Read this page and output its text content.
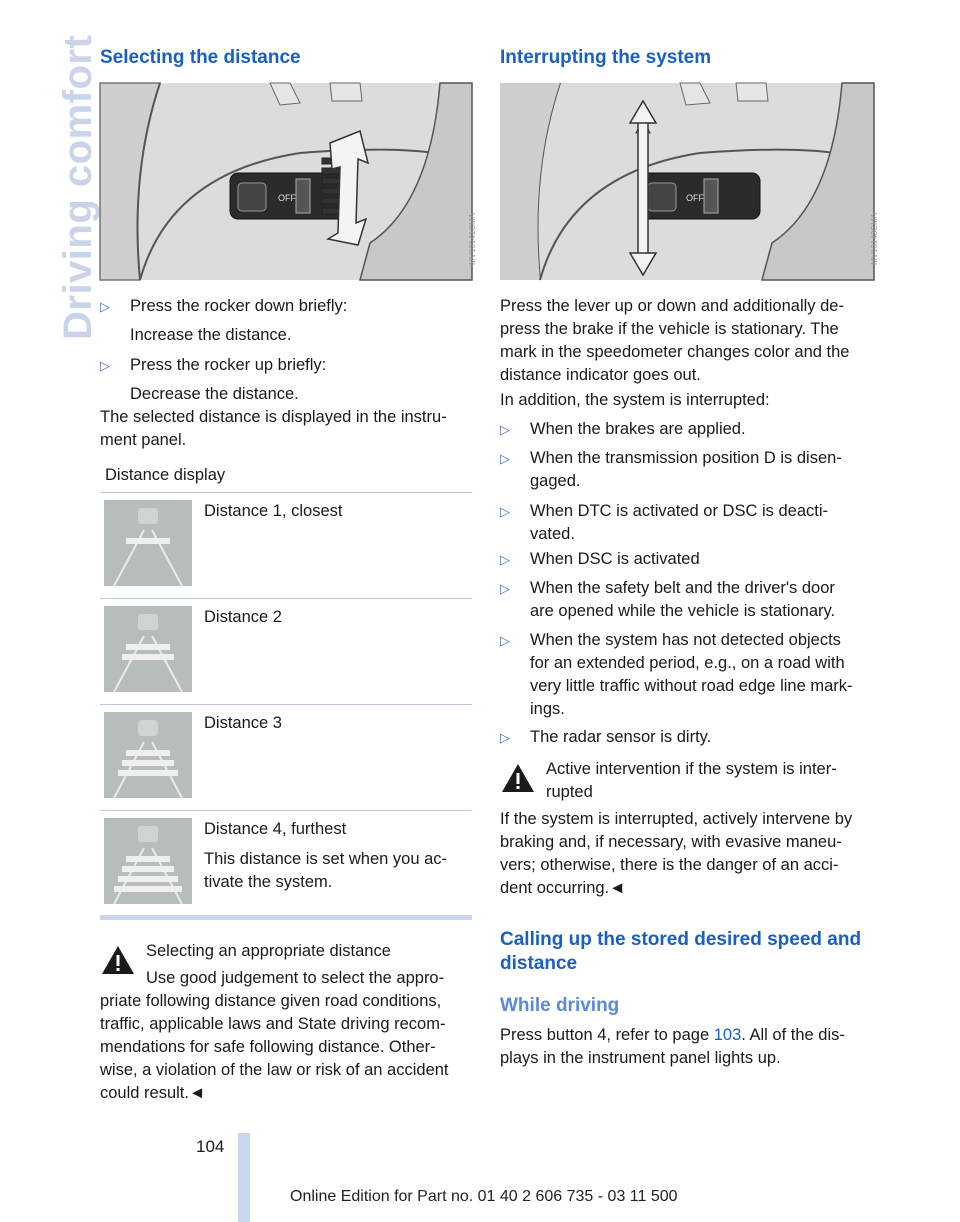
Driving comfort Selecting the distance
OFF
MV10141CMA
▷ Press the rocker down briefly:
Increase the distance.
▷ Press the rocker up briefly:
Decrease the distance.
The selected distance is displayed in the instru-
ment panel.
Distance display
Distance 1, closest
Distance 2
Distance 3
Distance 4, furthest
This distance is set when you ac-
tivate the system.
Selecting an appropriate distance
Use good judgement to select the appro-
priate following distance given road conditions,
traffic, applicable laws and State driving recom-
mendations for safe following distance. Other-
wise, a violation of the law or risk of an accident
could result.◄
Interrupting the system
OFF
MV10143CMA
Press the lever up or down and additionally de-
press the brake if the vehicle is stationary. The
mark in the speedometer changes color and the
distance indicator goes out.
In addition, the system is interrupted:
▷ When the brakes are applied.
▷ When the transmission position D is disen-
gaged.
▷ When DTC is activated or DSC is deacti-
vated.
▷ When DSC is activated
▷ When the safety belt and the driver's door
are opened while the vehicle is stationary.
▷ When the system has not detected objects
for an extended period, e.g., on a road with
very little traffic without road edge line mark-
ings.
▷ The radar sensor is dirty.
Active intervention if the system is inter-
rupted
If the system is interrupted, actively intervene by
braking and, if necessary, with evasive maneu-
vers; otherwise, there is the danger of an acci-
dent occurring.◄
Calling up the stored desired speed and
distance
While driving
Press button 4, refer to page 103. All of the dis-
plays in the instrument panel lights up.
104
Online Edition for Part no. 01 40 2 606 735 - 03 11 500
